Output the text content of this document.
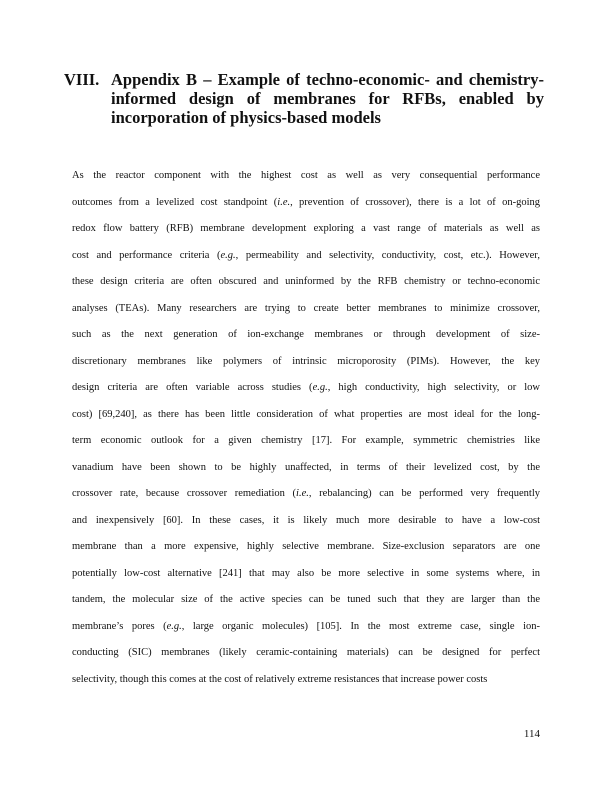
VIII. Appendix B – Example of techno-economic- and chemistry-
informed design of membranes for RFBs, enabled by
incorporation of physics-based models
As the reactor component with the highest cost as well as very consequential performance
outcomes from a levelized cost standpoint (i.e., prevention of crossover), there is a lot of on-going
redox flow battery (RFB) membrane development exploring a vast range of materials as well as
cost and performance criteria (e.g., permeability and selectivity, conductivity, cost, etc.). However,
these design criteria are often obscured and uninformed by the RFB chemistry or techno-economic
analyses (TEAs). Many researchers are trying to create better membranes to minimize crossover,
such as the next generation of ion-exchange membranes or through development of size-
discretionary membranes like polymers of intrinsic microporosity (PIMs). However, the key
design criteria are often variable across studies (e.g., high conductivity, high selectivity, or low
cost) [69,240], as there has been little consideration of what properties are most ideal for the long-
term economic outlook for a given chemistry [17]. For example, symmetric chemistries like
vanadium have been shown to be highly unaffected, in terms of their levelized cost, by the
crossover rate, because crossover remediation (i.e., rebalancing) can be performed very frequently
and inexpensively [60]. In these cases, it is likely much more desirable to have a low-cost
membrane than a more expensive, highly selective membrane. Size-exclusion separators are one
potentially low-cost alternative [241] that may also be more selective in some systems where, in
tandem, the molecular size of the active species can be tuned such that they are larger than the
membrane’s pores (e.g., large organic molecules) [105]. In the most extreme case, single ion-
conducting (SIC) membranes (likely ceramic-containing materials) can be designed for perfect
selectivity, though this comes at the cost of relatively extreme resistances that increase power costs
114
